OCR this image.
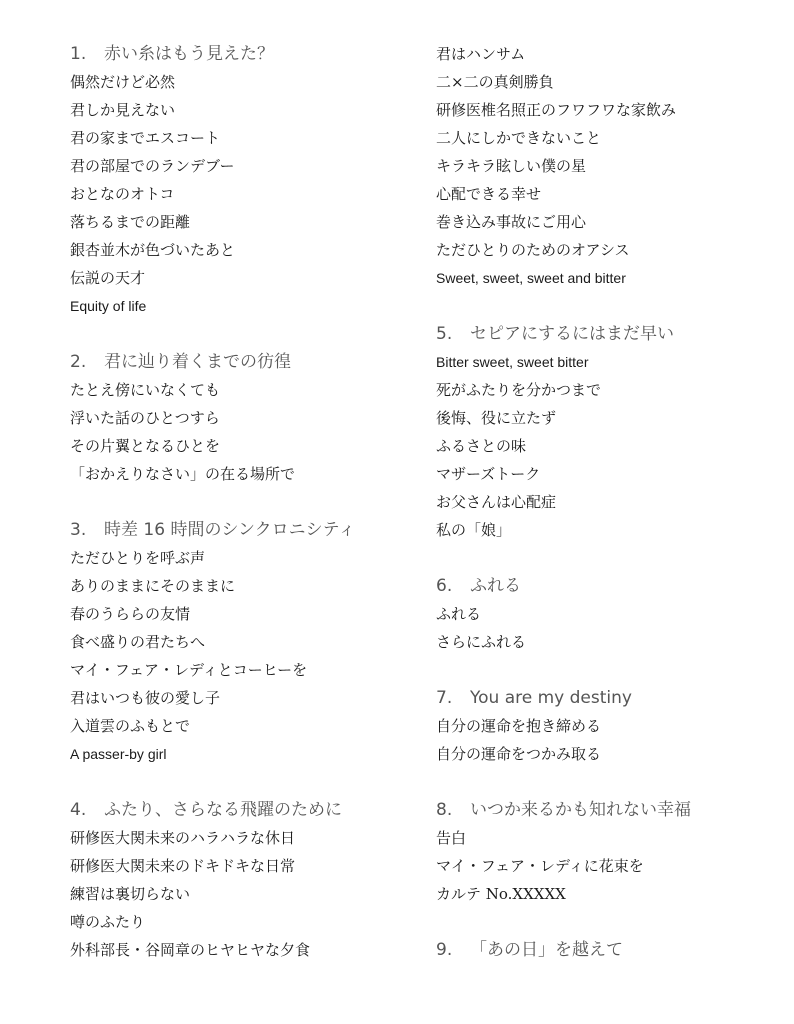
1. 赤い糸はもう見えた？
偶然だけど必然
君しか見えない
君の家までエスコート
君の部屋でのランデブー
おとなのオトコ
落ちるまでの距離
銀杏並木が色づいたあと
伝説の天才
Equity of life
2. 君に辿り着くまでの彷徨
たとえ傍にいなくても
浮いた話のひとつすら
その片翼となるひとを
「おかえりなさい」の在る場所で
3. 時差 16 時間のシンクロニシティ
ただひとりを呼ぶ声
ありのままにそのままに
春のうららの友情
食べ盛りの君たちへ
マイ・フェア・レディとコーヒーを
君はいつも彼の愛し子
入道雲のふもとで
A passer-by girl
4. ふたり、さらなる飛躍のために
研修医大関未来のハラハラな休日
研修医大関未来のドキドキな日常
練習は裏切らない
噂のふたり
外科部長・谷岡章のヒヤヒヤな夕食
君はハンサム
二×二の真剣勝負
研修医椎名照正のフワフワな家飲み
二人にしかできないこと
キラキラ眩しい僕の星
心配できる幸せ
巻き込み事故にご用心
ただひとりのためのオアシス
Sweet, sweet, sweet and bitter
5. セピアにするにはまだ早い
Bitter sweet, sweet bitter
死がふたりを分かつまで
後悔、役に立たず
ふるさとの味
マザーズトーク
お父さんは心配症
私の「娘」
6. ふれる
ふれる
さらにふれる
7. You are my destiny
自分の運命を抱き締める
自分の運命をつかみ取る
8. いつか来るかも知れない幸福
告白
マイ・フェア・レディに花束を
カルテ No.XXXXX
9. 「あの日」を越えて
